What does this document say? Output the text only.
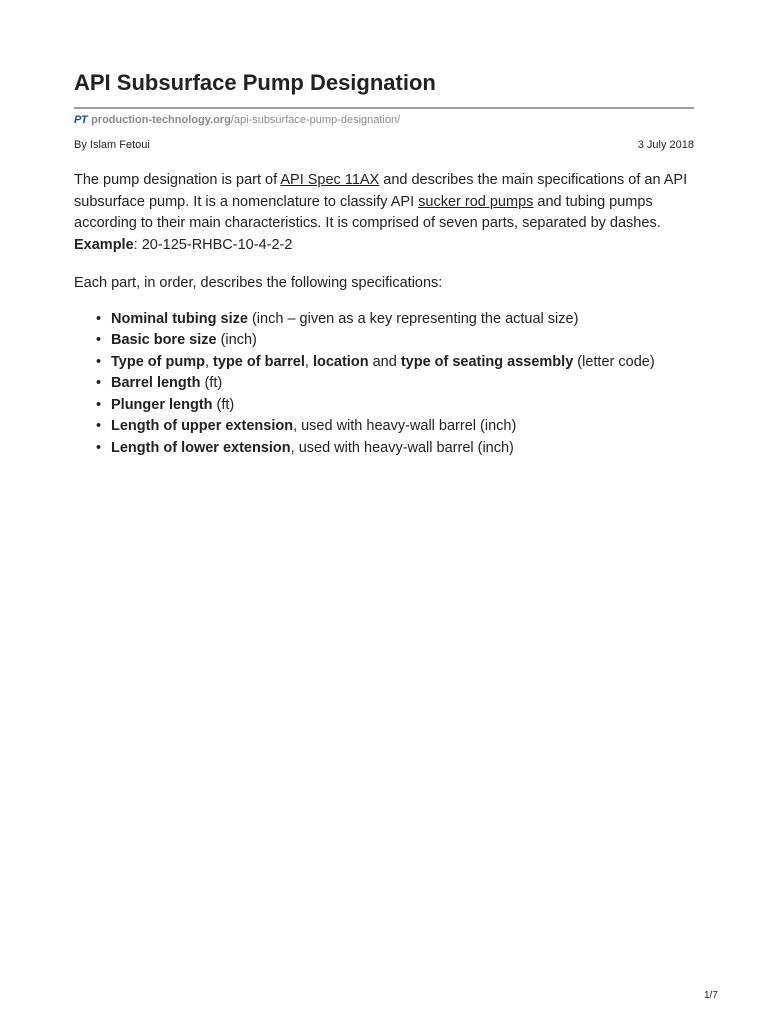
API Subsurface Pump Designation
PT production-technology.org /api-subsurface-pump-designation/
By Islam Fetoui	3 July 2018

The pump designation is part of API Spec 11AX and describes the main specifications of an API subsurface pump. It is a nomenclature to classify API sucker rod pumps and tubing pumps according to their main characteristics. It is comprised of seven parts, separated by dashes.

Example: 20-125-RHBC-10-4-2-2

Each part, in order, describes the following specifications:

• Nominal tubing size (inch – given as a key representing the actual size)
• Basic bore size (inch)
• Type of pump, type of barrel, location and type of seating assembly (letter code)
• Barrel length (ft)
• Plunger length (ft)
• Length of upper extension, used with heavy-wall barrel (inch)
• Length of lower extension, used with heavy-wall barrel (inch)
1/7
